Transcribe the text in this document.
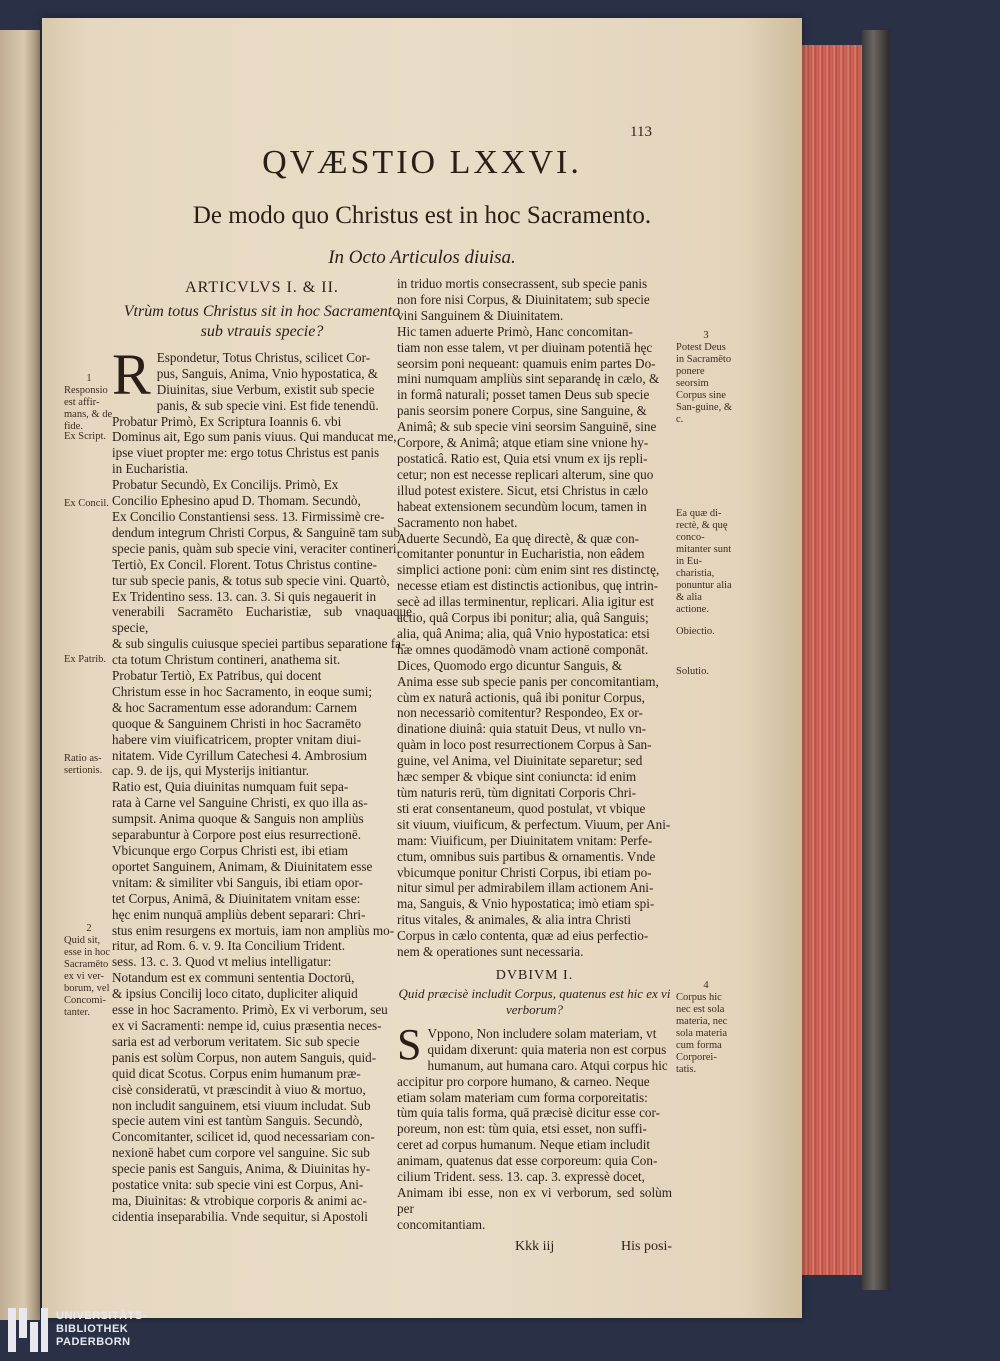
113
QVÆSTIO LXXVI.
De modo quo Christus est in hoc Sacramento.
In Octo Articulos diuisa.
ARTICVLVS I. & II.
Vtrùm totus Christus sit in hoc Sacramento sub vtrauis specie?
R Espondetur, Totus Christus, scilicet Cor-
pus, Sanguis, Anima, Vnio hypostatica, &
Diuinitas, siue Verbum, existit sub specie
panis, & sub specie vini. Est fide tenendū.
Probatur Primò, Ex Scriptura Ioannis 6. vbi
Dominus ait, Ego sum panis viuus. Qui manducat me,
ipse viuet propter me: ergo totus Christus est panis
in Eucharistia.
Probatur Secundò, Ex Concilijs. Primò, Ex
Concilio Ephesino apud D. Thomam. Secundò,
Ex Concilio Constantiensi sess. 13. Firmissimè cre-
dendum integrum Christi Corpus, & Sanguinē tam sub
specie panis, quàm sub specie vini, veraciter contineri.
Tertiò, Ex Concil. Florent. Totus Christus contine-
tur sub specie panis, & totus sub specie vini. Quartò,
Ex Tridentino sess. 13. can. 3. Si quis negauerit in
venerabili Sacramēto Eucharistiæ, sub vnaquaque specie,
& sub singulis cuiusque speciei partibus separatione fa-
cta totum Christum contineri, anathema sit.
Probatur Tertiò, Ex Patribus, qui docent
Christum esse in hoc Sacramento, in eoque sumi;
& hoc Sacramentum esse adorandum: Carnem
quoque & Sanguinem Christi in hoc Sacramēto
habere vim viuificatricem, propter vnitam diui-
nitatem. Vide Cyrillum Catechesi 4. Ambrosium
cap. 9. de ijs, qui Mysterijs initiantur.
Ratio est, Quia diuinitas numquam fuit sepa-
rata à Carne vel Sanguine Christi, ex quo illa as-
sumpsit. Anima quoque & Sanguis non ampliùs
separabuntur à Corpore post eius resurrectionē.
Vbicunque ergo Corpus Christi est, ibi etiam
oportet Sanguinem, Animam, & Diuinitatem esse
vnitam: & similiter vbi Sanguis, ibi etiam opor-
tet Corpus, Animā, & Diuinitatem vnitam esse:
hęc enim nunquā ampliùs debent separari: Chri-
stus enim resurgens ex mortuis, iam non ampliùs mo-
ritur, ad Rom. 6. v. 9. Ita Concilium Trident.
sess. 13. c. 3. Quod vt melius intelligatur:
Notandum est ex communi sententia Doctorū,
& ipsius Concilij loco citato, dupliciter aliquid
esse in hoc Sacramento. Primò, Ex vi verborum, seu
ex vi Sacramenti: nempe id, cuius præsentia neces-
saria est ad verborum veritatem. Sic sub specie
panis est solùm Corpus, non autem Sanguis, quid-
quid dicat Scotus. Corpus enim humanum præ-
cisè consideratū, vt præscindit à viuo & mortuo,
non includit sanguinem, etsi viuum includat. Sub
specie autem vini est tantùm Sanguis. Secundò,
Concomitanter, scilicet id, quod necessariam con-
nexionē habet cum corpore vel sanguine. Sic sub
specie panis est Sanguis, Anima, & Diuinitas hy-
postatice vnita: sub specie vini est Corpus, Ani-
ma, Diuinitas: & vtrobique corporis & animi ac-
cidentia inseparabilia. Vnde sequitur, si Apostoli
in triduo mortis consecrassent, sub specie panis
non fore nisi Corpus, & Diuinitatem; sub specie
vini Sanguinem & Diuinitatem.
Hic tamen aduerte Primò, Hanc concomitan-
tiam non esse talem, vt per diuinam potentiā hęc
seorsim poni nequeant: quamuis enim partes Do-
mini numquam ampliùs sint separandę in cælo, &
in formâ naturali; posset tamen Deus sub specie
panis seorsim ponere Corpus, sine Sanguine, &
Animâ; & sub specie vini seorsim Sanguinē, sine
Corpore, & Animâ; atque etiam sine vnione hy-
postaticâ. Ratio est, Quia etsi vnum ex ijs repli-
cetur; non est necesse replicari alterum, sine quo
illud potest existere. Sicut, etsi Christus in cælo
habeat extensionem secundùm locum, tamen in
Sacramento non habet.
Aduerte Secundò, Ea quę directè, & quæ con-
comitanter ponuntur in Eucharistia, non eâdem
simplici actione poni: cùm enim sint res distinctę,
necesse etiam est distinctis actionibus, quę intrin-
secè ad illas terminentur, replicari. Alia igitur est
actio, quâ Corpus ibi ponitur; alia, quâ Sanguis;
alia, quâ Anima; alia, quâ Vnio hypostatica: etsi
hæ omnes quodāmodò vnam actionē componāt.
Dices, Quomodo ergo dicuntur Sanguis, &
Anima esse sub specie panis per concomitantiam,
cùm ex naturâ actionis, quâ ibi ponitur Corpus,
non necessariò comitentur? Respondeo, Ex or-
dinatione diuinâ: quia statuit Deus, vt nullo vn-
quàm in loco post resurrectionem Corpus à San-
guine, vel Anima, vel Diuinitate separetur; sed
hæc semper & vbique sint coniuncta: id enim
tùm naturis rerū, tùm dignitati Corporis Chri-
sti erat consentaneum, quod postulat, vt vbique
sit viuum, viuificum, & perfectum. Viuum, per Ani-
mam: Viuificum, per Diuinitatem vnitam: Perfe-
ctum, omnibus suis partibus & ornamentis. Vnde
vbicumque ponitur Christi Corpus, ibi etiam po-
nitur simul per admirabilem illam actionem Ani-
ma, Sanguis, & Vnio hypostatica; imò etiam spi-
ritus vitales, & animales, & alia intra Christi
Corpus in cælo contenta, quæ ad eius perfectio-
nem & operationes sunt necessaria.
DVBIVM I.
Quid præcisè includit Corpus, quatenus est hic ex vi verborum?
S Vppono, Non includere solam materiam, vt
quidam dixerunt: quia materia non est corpus
humanum, aut humana caro. Atqui corpus hic
accipitur pro corpore humano, & carneo. Neque
etiam solam materiam cum forma corporeitatis:
tùm quia talis forma, quā præcisè dicitur esse cor-
poreum, non est: tùm quia, etsi esset, non suffi-
ceret ad corpus humanum. Neque etiam includit
animam, quatenus dat esse corporeum: quia Con-
cilium Trident. sess. 13. cap. 3. expressè docet,
Animam ibi esse, non ex vi verborum, sed solùm per
concomitantiam.
Kkk iij	His posi-
1
Responsio est affir-mans, & de fide.
Ex Script.
Ex Concil.
Ex Patrib.
Ratio as-sertionis.
2
Quid sit, esse in hoc Sacramēto ex vi ver-borum, vel Concomi-tanter.
3
Potest Deus in Sacramēto ponere seorsim Corpus sine San-guine, & c.
Ea quæ di-rectè, & quę conco-mitanter sunt in Eu-charistia, ponuntur alia & alia actione.
Obiectio.
Solutio.
4
Corpus hic nec est sola materia, nec sola materia cum forma Corporei-tatis.
UNIVERSITÄTS-
BIBLIOTHEK
PADERBORN
